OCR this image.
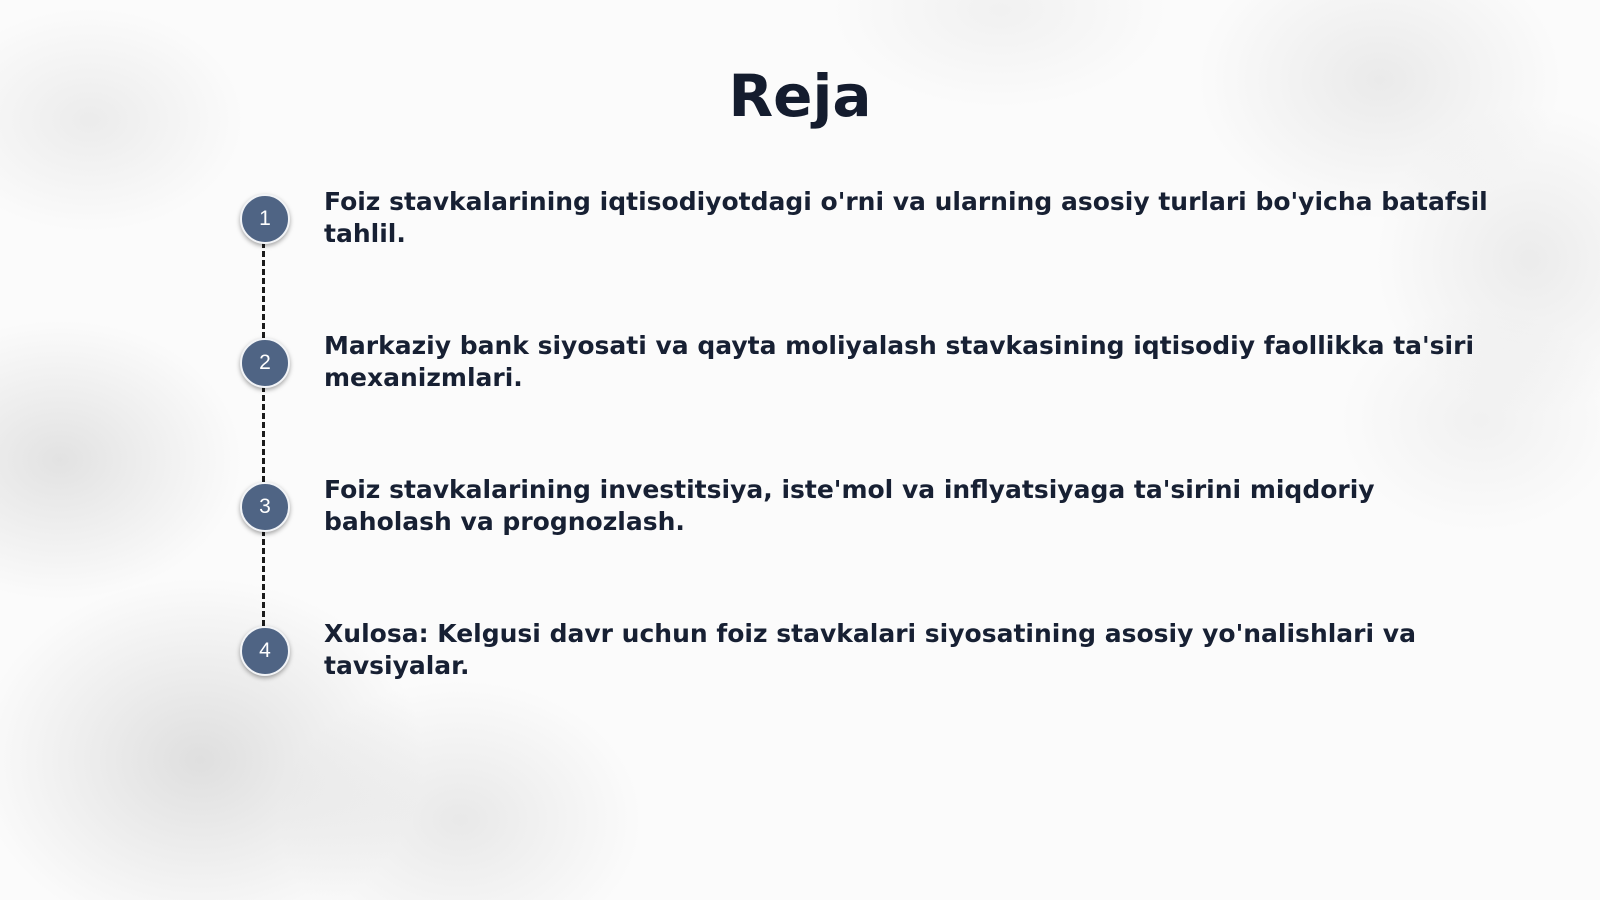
Reja
1
Foiz stavkalarining iqtisodiyotdagi o'rni va ularning asosiy turlari bo'yicha batafsil tahlil.
2
Markaziy bank siyosati va qayta moliyalash stavkasining iqtisodiy faollikka ta'siri mexanizmlari.
3
Foiz stavkalarining investitsiya, iste'mol va inflyatsiyaga ta'sirini miqdoriy baholash va prognozlash.
4
Xulosa: Kelgusi davr uchun foiz stavkalari siyosatining asosiy yo'nalishlari va tavsiyalar.
